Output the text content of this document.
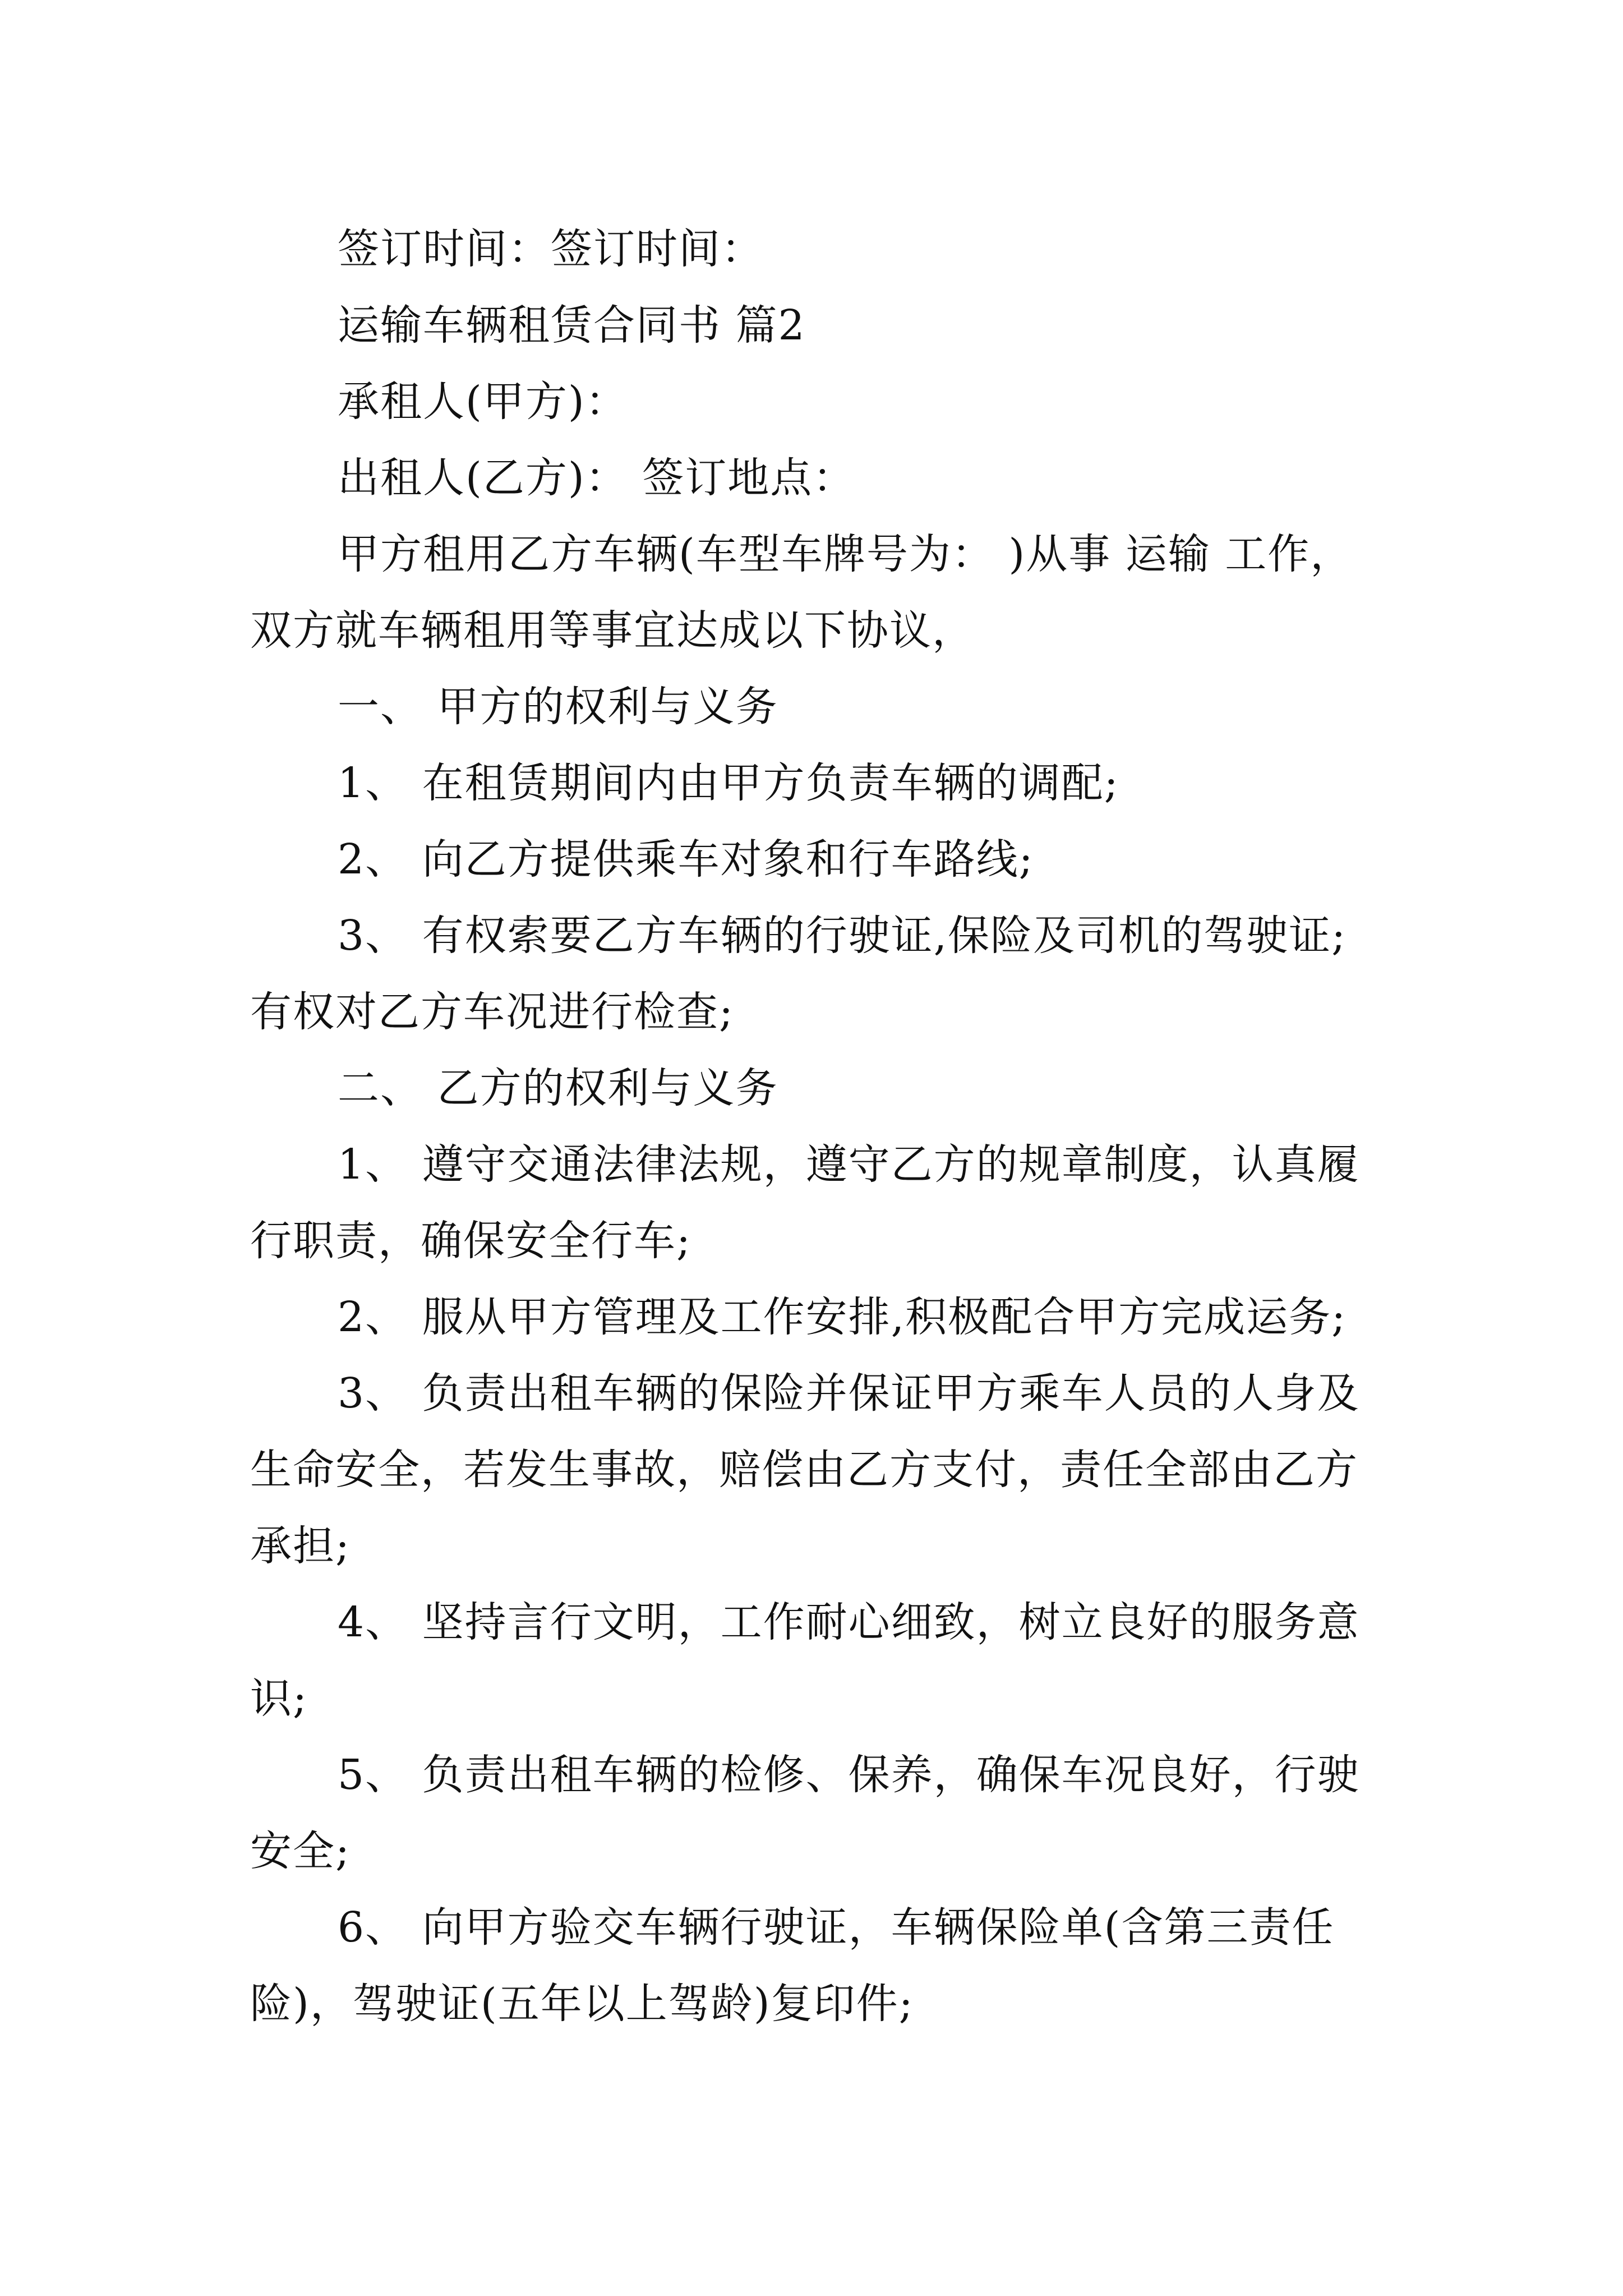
签订时间：签订时间：

运输车辆租赁合同书 篇2

承租人(甲方)：

出租人(乙方)： 签订地点：

甲方租用乙方车辆(车型车牌号为： )从事 运输 工作，双方就车辆租用等事宜达成以下协议，

一、 甲方的权利与义务

1、 在租赁期间内由甲方负责车辆的调配;

2、 向乙方提供乘车对象和行车路线;

3、 有权索要乙方车辆的行驶证,保险及司机的驾驶证;有权对乙方车况进行检查;

二、 乙方的权利与义务

1、 遵守交通法律法规，遵守乙方的规章制度，认真履行职责，确保安全行车;

2、 服从甲方管理及工作安排,积极配合甲方完成运务;

3、 负责出租车辆的保险并保证甲方乘车人员的人身及生命安全，若发生事故，赔偿由乙方支付，责任全部由乙方承担;

4、 坚持言行文明，工作耐心细致，树立良好的服务意识;

5、 负责出租车辆的检修、保养，确保车况良好，行驶安全;

6、 向甲方验交车辆行驶证，车辆保险单(含第三责任险)，驾驶证(五年以上驾龄)复印件;
